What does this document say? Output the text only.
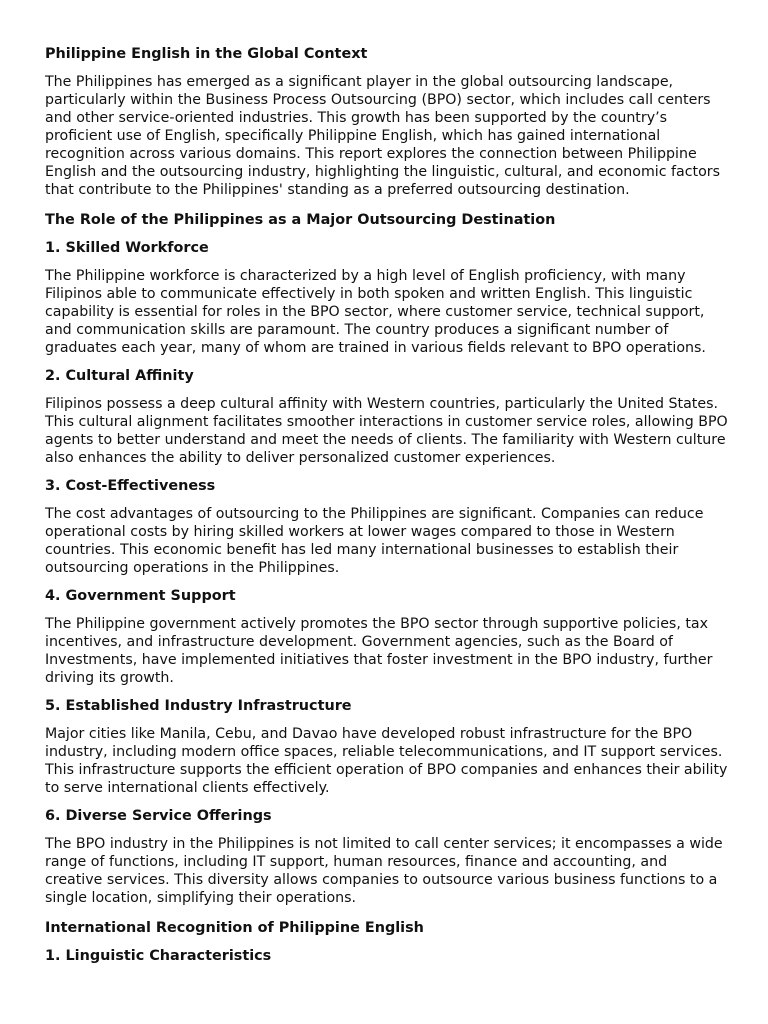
Philippine English in the Global Context

The Philippines has emerged as a significant player in the global outsourcing landscape, particularly within the Business Process Outsourcing (BPO) sector, which includes call centers and other service-oriented industries. This growth has been supported by the country’s proficient use of English, specifically Philippine English, which has gained international recognition across various domains. This report explores the connection between Philippine English and the outsourcing industry, highlighting the linguistic, cultural, and economic factors that contribute to the Philippines' standing as a preferred outsourcing destination.

The Role of the Philippines as a Major Outsourcing Destination
1. Skilled Workforce

The Philippine workforce is characterized by a high level of English proficiency, with many Filipinos able to communicate effectively in both spoken and written English. This linguistic capability is essential for roles in the BPO sector, where customer service, technical support, and communication skills are paramount. The country produces a significant number of graduates each year, many of whom are trained in various fields relevant to BPO operations.

2. Cultural Affinity

Filipinos possess a deep cultural affinity with Western countries, particularly the United States. This cultural alignment facilitates smoother interactions in customer service roles, allowing BPO agents to better understand and meet the needs of clients. The familiarity with Western culture also enhances the ability to deliver personalized customer experiences.

3. Cost-Effectiveness

The cost advantages of outsourcing to the Philippines are significant. Companies can reduce operational costs by hiring skilled workers at lower wages compared to those in Western countries. This economic benefit has led many international businesses to establish their outsourcing operations in the Philippines.

4. Government Support

The Philippine government actively promotes the BPO sector through supportive policies, tax incentives, and infrastructure development. Government agencies, such as the Board of Investments, have implemented initiatives that foster investment in the BPO industry, further driving its growth.

5. Established Industry Infrastructure

Major cities like Manila, Cebu, and Davao have developed robust infrastructure for the BPO industry, including modern office spaces, reliable telecommunications, and IT support services. This infrastructure supports the efficient operation of BPO companies and enhances their ability to serve international clients effectively.

6. Diverse Service Offerings

The BPO industry in the Philippines is not limited to call center services; it encompasses a wide range of functions, including IT support, human resources, finance and accounting, and creative services. This diversity allows companies to outsource various business functions to a single location, simplifying their operations.

International Recognition of Philippine English
1. Linguistic Characteristics
